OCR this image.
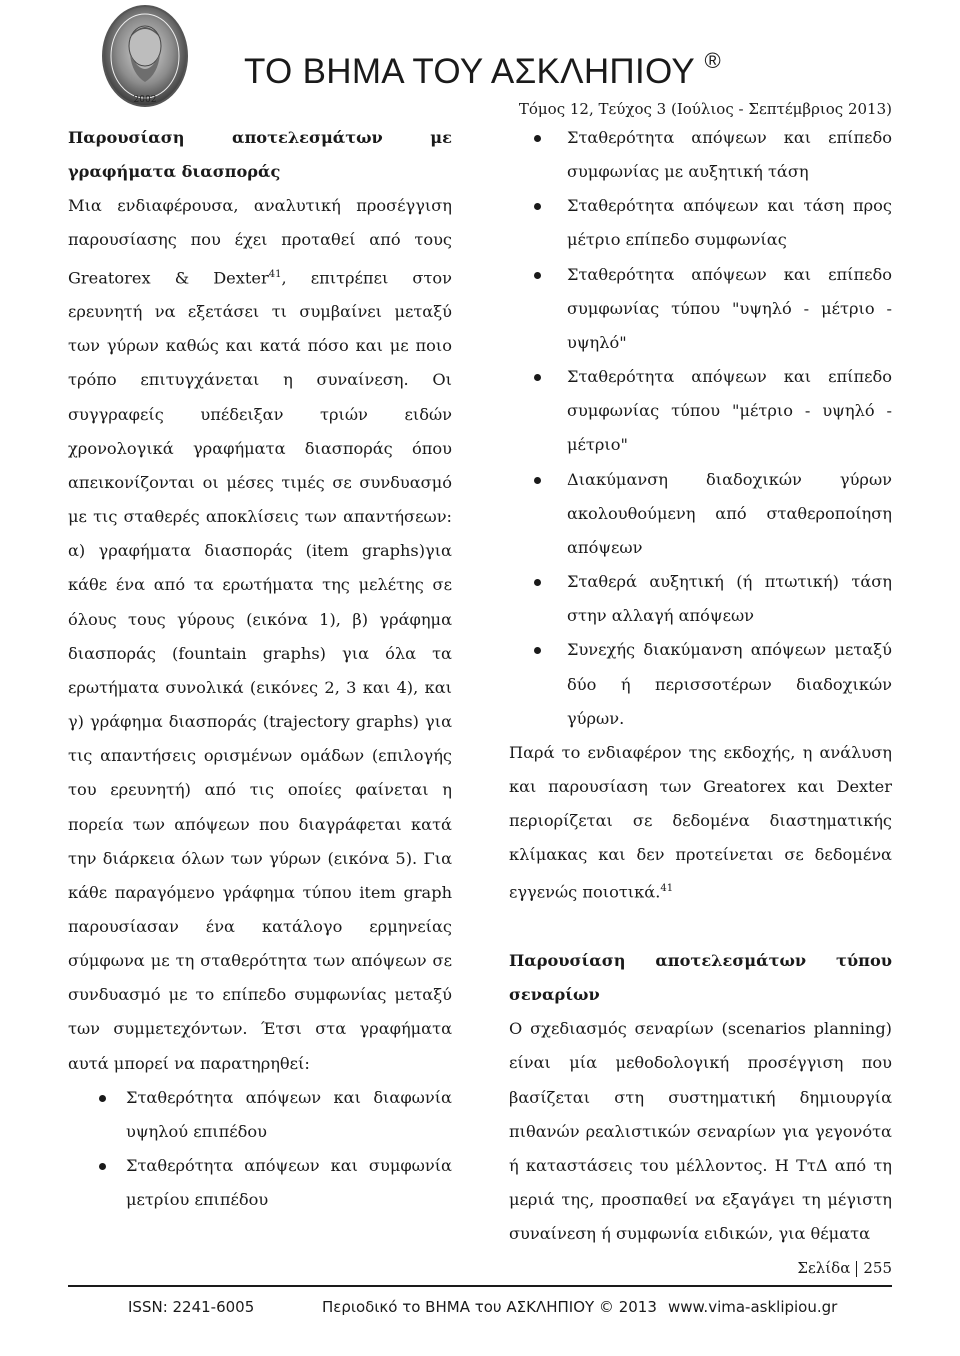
2002
ΤΟ ΒΗΜΑ ΤΟΥ ΑΣΚΛΗΠΙΟΥ ®
Τόμος 12, Τεύχος 3 (Ιούλιος - Σεπτέμβριος 2013)

Παρουσίαση αποτελεσμάτων με γραφήματα διασποράς

Μια ενδιαφέρουσα, αναλυτική προσέγγιση παρουσίασης που έχει προταθεί από τους Greatorex & Dexter$^{41}$, επιτρέπει στον ερευνητή να εξετάσει τι συμβαίνει μεταξύ των γύρων καθώς και κατά πόσο και με ποιο τρόπο επιτυγχάνεται η συναίνεση. Οι συγγραφείς υπέδειξαν τριών ειδών χρονολογικά γραφήματα διασποράς όπου απεικονίζονται οι μέσες τιμές σε συνδυασμό με τις σταθερές αποκλίσεις των απαντήσεων: α) γραφήματα διασποράς (item graphs)για κάθε ένα από τα ερωτήματα της μελέτης σε όλους τους γύρους (εικόνα 1), β) γράφημα διασποράς (fountain graphs) για όλα τα ερωτήματα συνολικά (εικόνες 2, 3 και 4), και γ) γράφημα διασποράς (trajectory graphs) για τις απαντήσεις ορισμένων ομάδων (επιλογής του ερευνητή) από τις οποίες φαίνεται η πορεία των απόψεων που διαγράφεται κατά την διάρκεια όλων των γύρων (εικόνα 5). Για κάθε παραγόμενο γράφημα τύπου item graph παρουσίασαν ένα κατάλογο ερμηνείας σύμφωνα με τη σταθερότητα των απόψεων σε συνδυασμό με το επίπεδο συμφωνίας μεταξύ των συμμετεχόντων. Έτσι στα γραφήματα αυτά μπορεί να παρατηρηθεί:

Σταθερότητα απόψεων και διαφωνία υψηλού επιπέδου
Σταθερότητα απόψεων και συμφωνία μετρίου επιπέδου
Σταθερότητα απόψεων και επίπεδο συμφωνίας με αυξητική τάση
Σταθερότητα απόψεων και τάση προς μέτριο επίπεδο συμφωνίας
Σταθερότητα απόψεων και επίπεδο συμφωνίας τύπου "υψηλό - μέτριο - υψηλό"
Σταθερότητα απόψεων και επίπεδο συμφωνίας τύπου "μέτριο - υψηλό - μέτριο"
Διακύμανση διαδοχικών γύρων ακολουθούμενη από σταθεροποίηση απόψεων
Σταθερά αυξητική (ή πτωτική) τάση στην αλλαγή απόψεων
Συνεχής διακύμανση απόψεων μεταξύ δύο ή περισσοτέρων διαδοχικών γύρων.

Παρά το ενδιαφέρον της εκδοχής, η ανάλυση και παρουσίαση των Greatorex και Dexter περιορίζεται σε δεδομένα διαστηματικής κλίμακας και δεν προτείνεται σε δεδομένα εγγενώς ποιοτικά.$^{41}$

Παρουσίαση αποτελεσμάτων τύπου σεναρίων

Ο σχεδιασμός σεναρίων (scenarios planning) είναι μία μεθοδολογική προσέγγιση που βασίζεται στη συστηματική δημιουργία πιθανών ρεαλιστικών σεναρίων για γεγονότα ή καταστάσεις του μέλλοντος. Η ΤτΔ από τη μεριά της, προσπαθεί να εξαγάγει τη μέγιστη συναίνεση ή συμφωνία ειδικών, για θέματα

Σελίδα 255
ISSN: 2241-6005	Περιοδικό το ΒΗΜΑ του ΑΣΚΛΗΠΙΟΥ © 2013 www.vima-asklipiou.gr
